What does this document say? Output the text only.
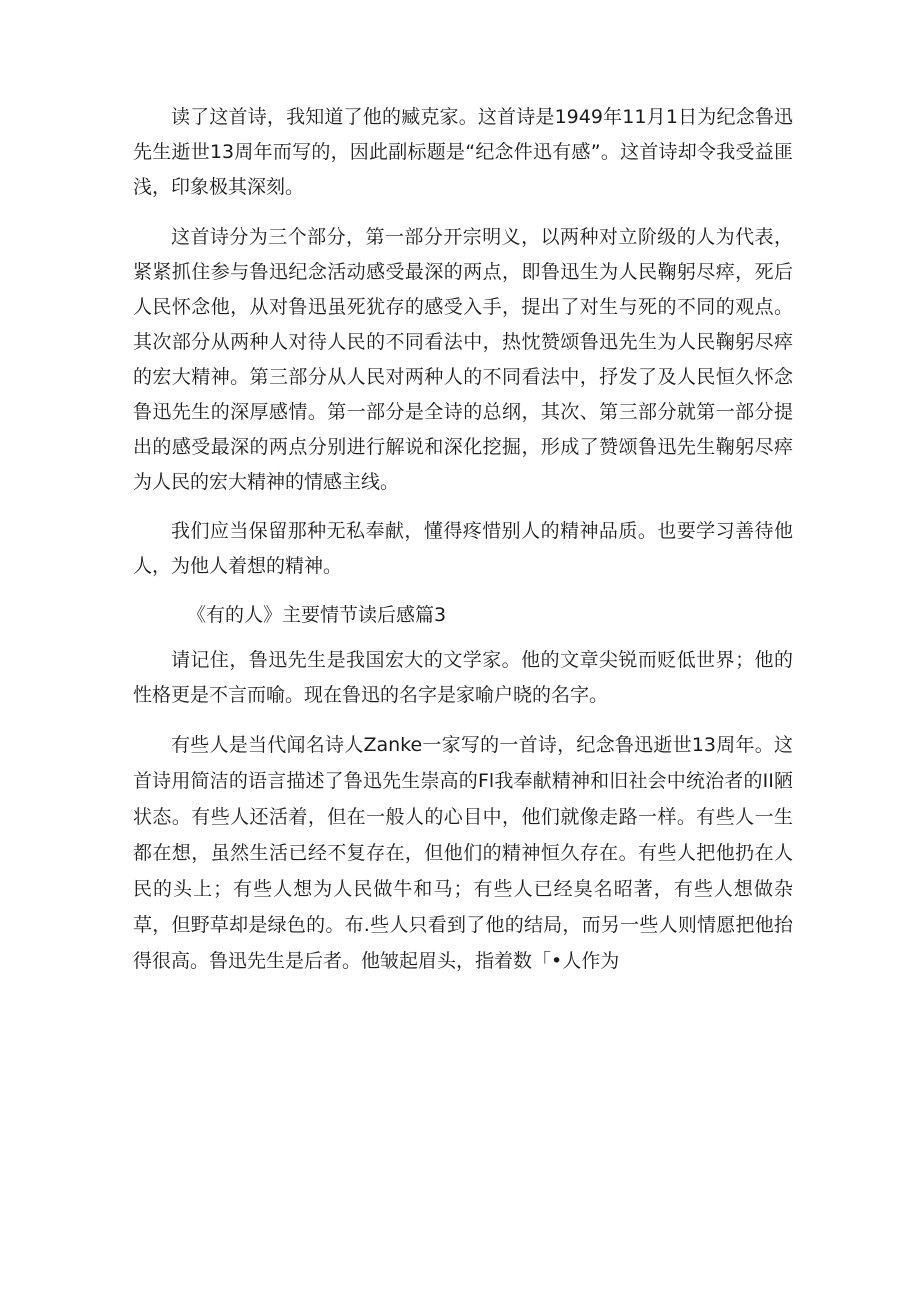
读了这首诗，我知道了他的臧克家。这首诗是1949年11月1日为纪念鲁迅先生逝世13周年而写的，因此副标题是“纪念件迅有感”。这首诗却令我受益匪浅，印象极其深刻。

这首诗分为三个部分，第一部分开宗明义，以两种对立阶级的人为代表，紧紧抓住参与鲁迅纪念活动感受最深的两点，即鲁迅生为人民鞠躬尽瘁，死后人民怀念他，从对鲁迅虽死犹存的感受入手，提出了对生与死的不同的观点。其次部分从两种人对待人民的不同看法中，热忱赞颂鲁迅先生为人民鞠躬尽瘁的宏大精神。第三部分从人民对两种人的不同看法中，抒发了及人民恒久怀念鲁迅先生的深厚感情。第一部分是全诗的总纲，其次、第三部分就第一部分提出的感受最深的两点分别进行解说和深化挖掘，形成了赞颂鲁迅先生鞠躬尽瘁为人民的宏大精神的情感主线。

我们应当保留那种无私奉献，懂得疼惜别人的精神品质。也要学习善待他人，为他人着想的精神。

《有的人》主要情节读后感篇3

请记住，鲁迅先生是我国宏大的文学家。他的文章尖锐而贬低世界；他的性格更是不言而喻。现在鲁迅的名字是家喻户晓的名字。

有些人是当代闻名诗人Zanke一家写的一首诗，纪念鲁迅逝世13周年。这首诗用简洁的语言描述了鲁迅先生崇高的Fl我奉献精神和旧社会中统治者的II陋状态。有些人还活着，但在一般人的心目中，他们就像走路一样。有些人一生都在想，虽然生活已经不复存在，但他们的精神恒久存在。有些人把他扔在人民的头上；有些人想为人民做牛和马；有些人已经臭名昭著，有些人想做杂草，但野草却是绿色的。布.些人只看到了他的结局，而另一些人则情愿把他抬得很高。鲁迅先生是后者。他皱起眉头，指着数「•人作为
